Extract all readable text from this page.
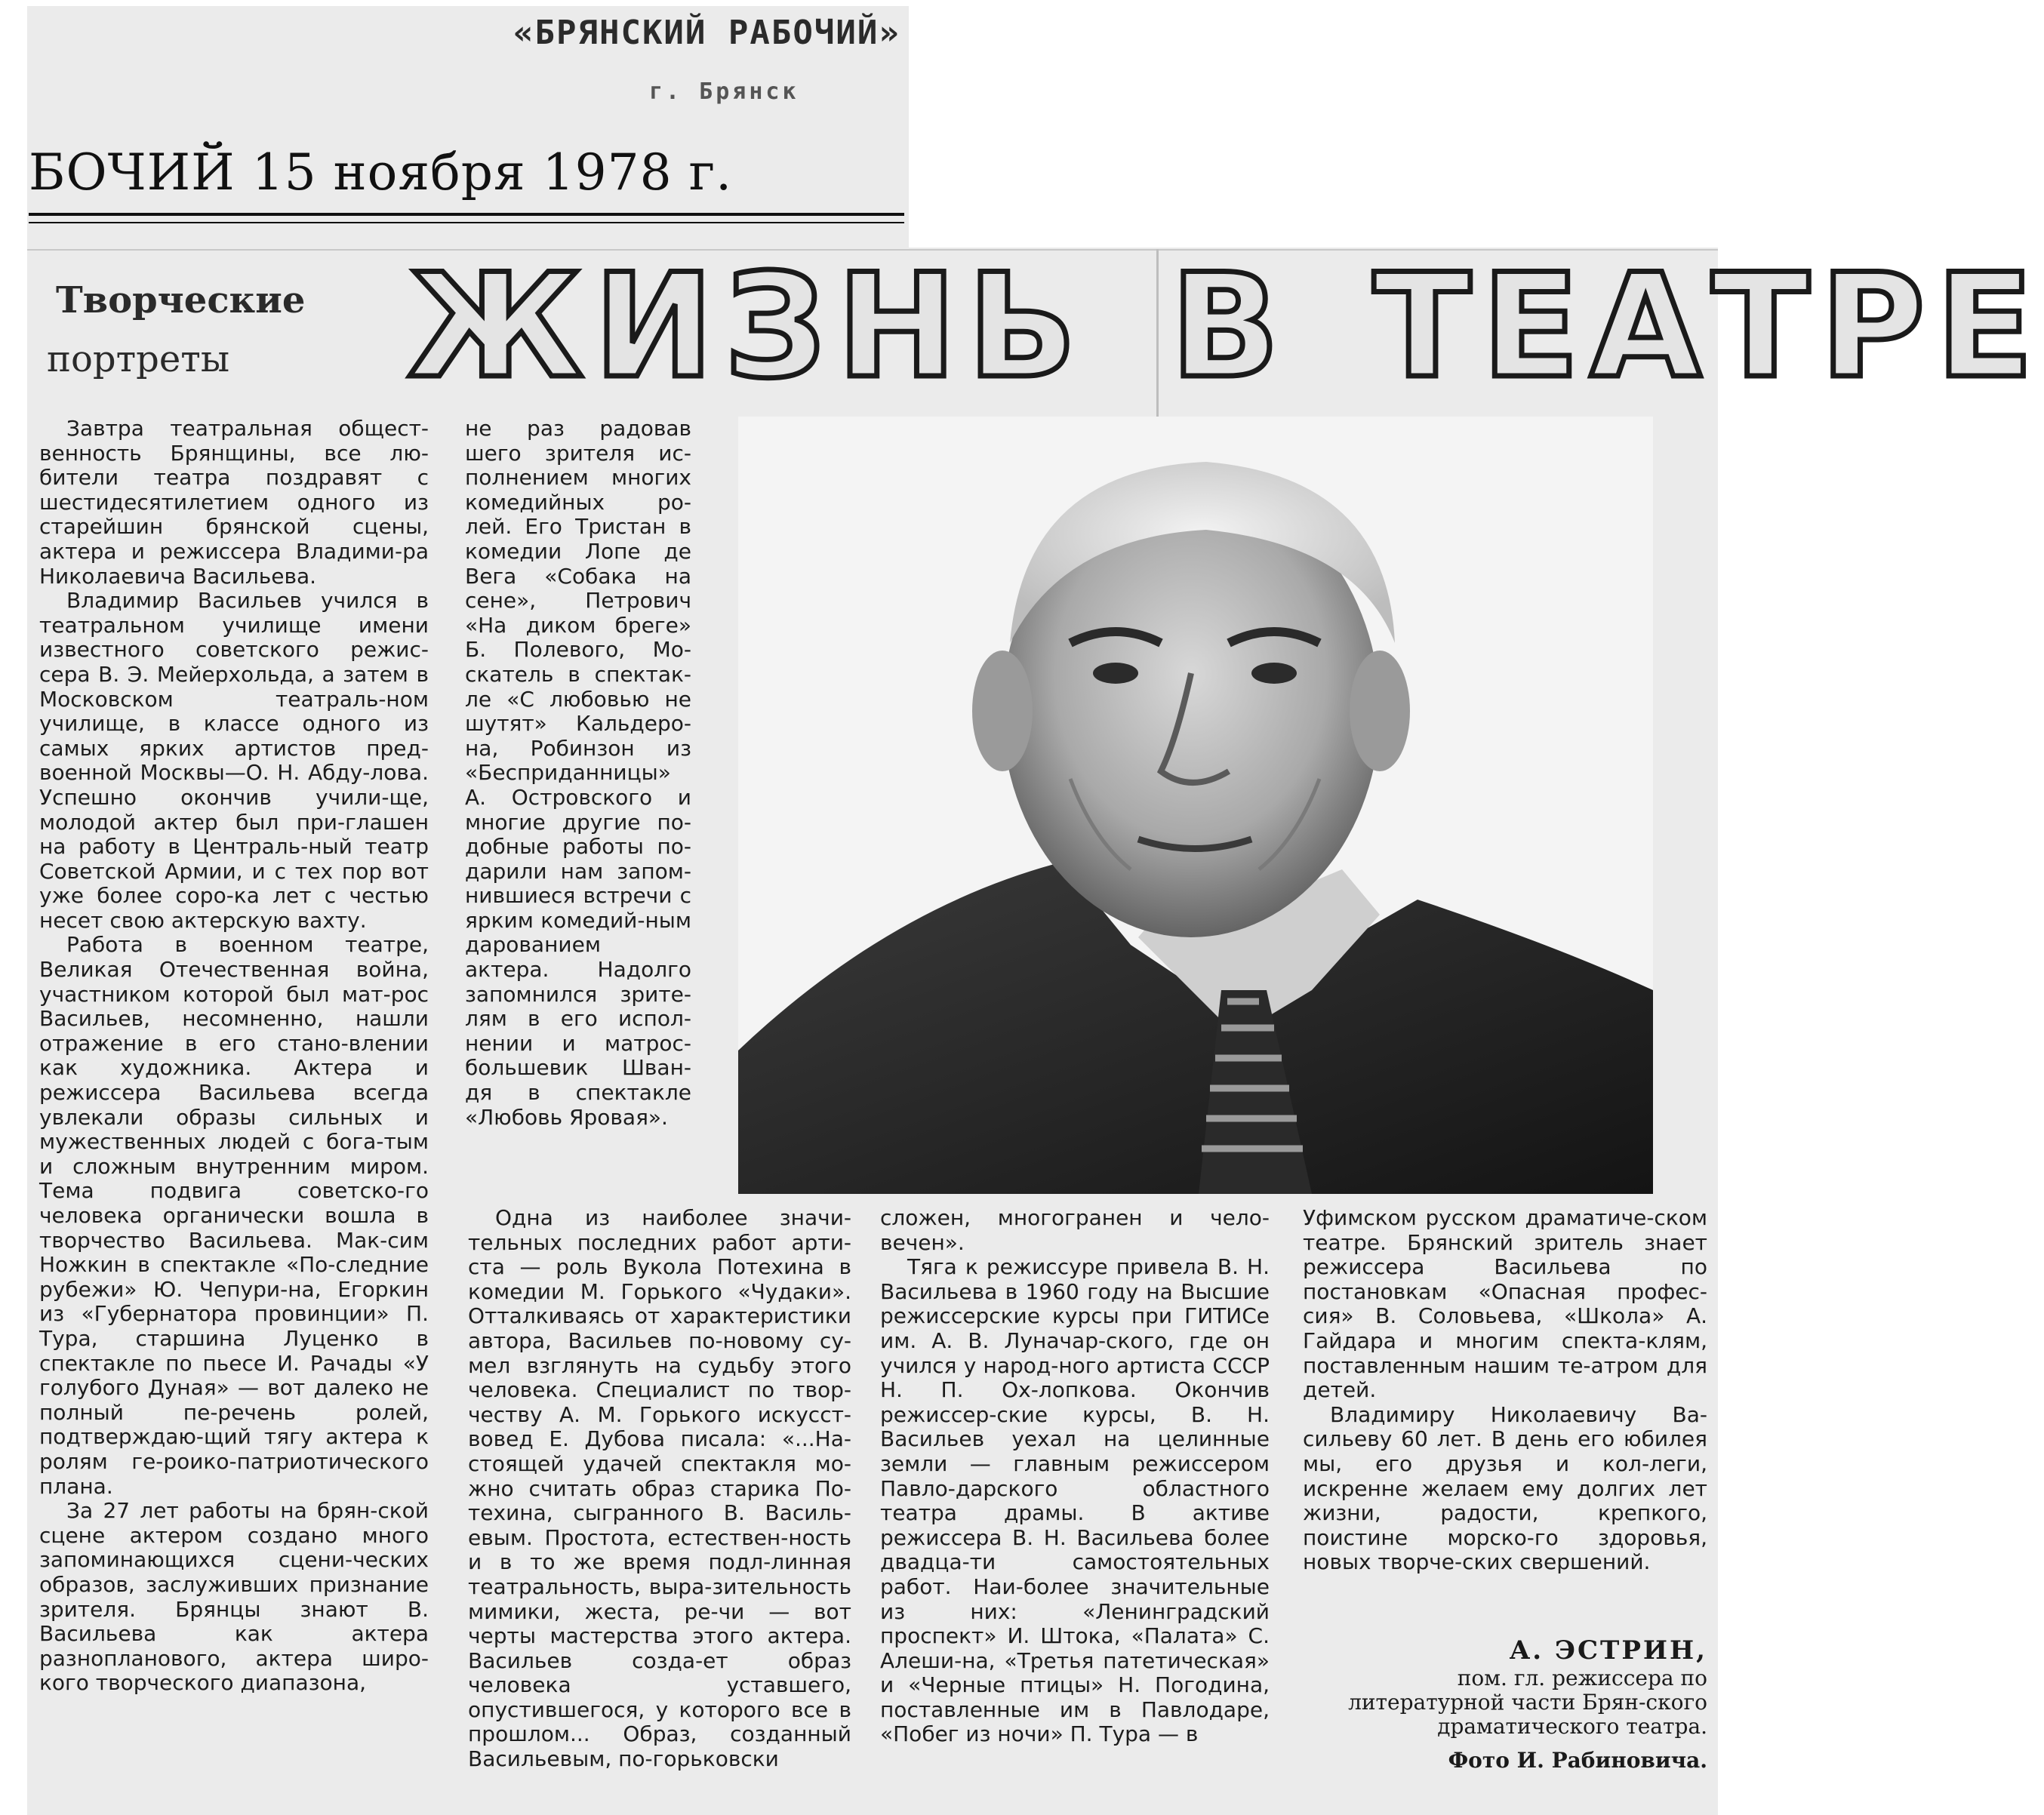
«БРЯНСКИЙ РАБОЧИЙ»
г. Брянск
БОЧИЙ 15 ноября 1978 г.
Творческие
портреты ЖИЗНЬ В ТЕАТРЕ

Завтра театральная общест-венность Брянщины, все лю-бители театра поздравят с шестидесятилетием одного из старейшин брянской сцены, актера и режиссера Владими-ра Николаевича Васильева.

Владимир Васильев учился в театральном училище имени известного советского режис-сера В. Э. Мейерхольда, а затем в Московском театраль-ном училище, в классе одного из самых ярких артистов пред-военной Москвы—О. Н. Абду-лова. Успешно окончив учили-ще, молодой актер был при-глашен на работу в Централь-ный театр Советской Армии, и с тех пор вот уже более соро-ка лет с честью несет свою актерскую вахту.

Работа в военном театре, Великая Отечественная война, участником которой был мат-рос Васильев, несомненно, нашли отражение в его стано-влении как художника. Актера и режиссера Васильева всегда увлекали образы сильных и мужественных людей с бога-тым и сложным внутренним миром. Тема подвига советско-го человека органически вошла в творчество Васильева. Мак-сим Ножкин в спектакле «По-следние рубежи» Ю. Чепури-на, Егоркин из «Губернатора провинции» П. Тура, старшина Луценко в спектакле по пьесе И. Рачады «У голубого Дуная» — вот далеко не полный пе-речень ролей, подтверждаю-щий тягу актера к ролям ге-роико-патриотического плана.

За 27 лет работы на брян-ской сцене актером создано много запоминающихся сцени-ческих образов, заслуживших признание зрителя. Брянцы знают В. Васильева как актера разнопланового, актера широ-кого творческого диапазона,

не раз радовав шего зрителя ис-полнением многих комедийных ро-лей. Его Тристан в комедии Лопе де Вега «Собака на сене», Петрович «На диком бреге» Б. Полевого, Мо-скатель в спектак-ле «С любовью не шутят» Кальдеро-на, Робинзон из «Бесприданницы» А. Островского и многие другие по-добные работы по-дарили нам запом-нившиеся встречи с ярким комедий-ным дарованием актера. Надолго запомнился зрите-лям в его испол-нении и матрос-большевик Шван-дя в спектакле «Любовь Яровая».

Одна из наиболее значи-тельных последних работ арти-ста — роль Вукола Потехина в комедии М. Горького «Чудаки». Отталкиваясь от характеристики автора, Васильев по-новому су-мел взглянуть на судьбу этого человека. Специалист по твор-честву А. М. Горького искусст-вовед Е. Дубова писала: «...На-стоящей удачей спектакля мо-жно считать образ старика По-техина, сыгранного В. Василь-евым. Простота, естествен-ность и в то же время подл-линная театральность, выра-зительность мимики, жеста, ре-чи — вот черты мастерства этого актера. Васильев созда-ет образ человека уставшего, опустившегося, у которого все в прошлом... Образ, созданный Васильевым, по-горьковски

сложен, многогранен и чело-вечен».

Тяга к режиссуре привела В. Н. Васильева в 1960 году на Высшие режиссерские курсы при ГИТИСе им. А. В. Луначар-ского, где он учился у народ-ного артиста СССР Н. П. Ох-лопкова. Окончив режиссер-ские курсы, В. Н. Васильев уехал на целинные земли — главным режиссером Павло-дарского областного театра драмы. В активе режиссера В. Н. Васильева более двадца-ти самостоятельных работ. Наи-более значительные из них: «Ленинградский проспект» И. Штока, «Палата» С. Алеши-на, «Третья патетическая» и «Черные птицы» Н. Погодина, поставленные им в Павлодаре, «Побег из ночи» П. Тура — в

Уфимском русском драматиче-ском театре. Брянский зритель знает режиссера Васильева по постановкам «Опасная профес-сия» В. Соловьева, «Школа» А. Гайдара и многим спекта-клям, поставленным нашим те-атром для детей.

Владимиру Николаевичу Ва-сильеву 60 лет. В день его юбилея мы, его друзья и кол-леги, искренне желаем ему долгих лет жизни, радости, крепкого, поистине морско-го здоровья, новых творче-ских свершений.

А. ЭСТРИН,
пом. гл. режиссера по литературной части Брян-ского драматического театра.
Фото И. Рабиновича.
